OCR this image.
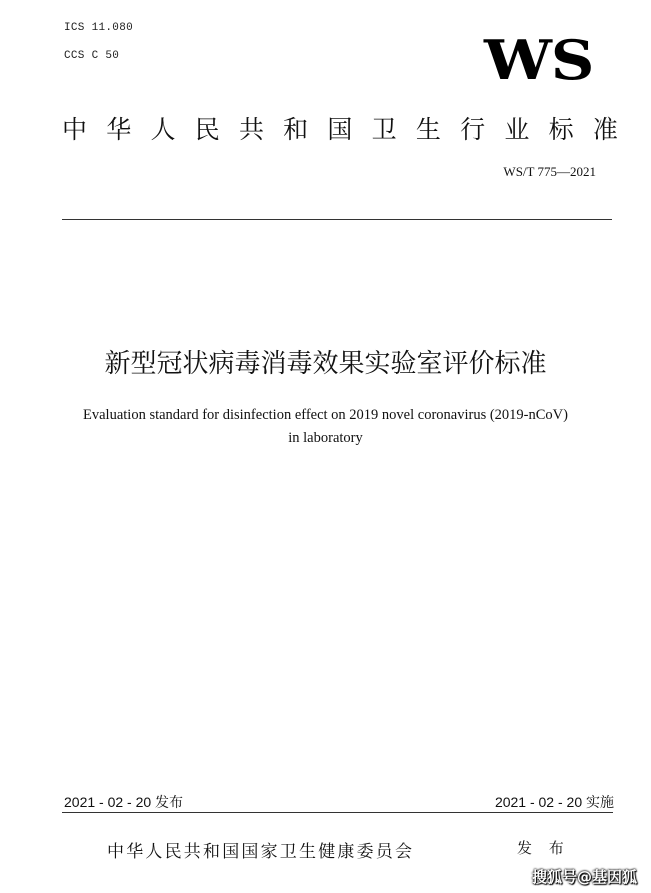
ICS 11.080
CCS C 50	WS
中 华 人 民 共 和 国 卫 生 行 业 标 准
WS/T 775—2021
新型冠状病毒消毒效果实验室评价标准
Evaluation standard for disinfection effect on 2019 novel coronavirus (2019-nCoV)
in laboratory
2021 - 02 - 20 发布	2021 - 02 - 20 实施
中华人民共和国国家卫生健康委员会	发 布
搜狐号@基因狐
